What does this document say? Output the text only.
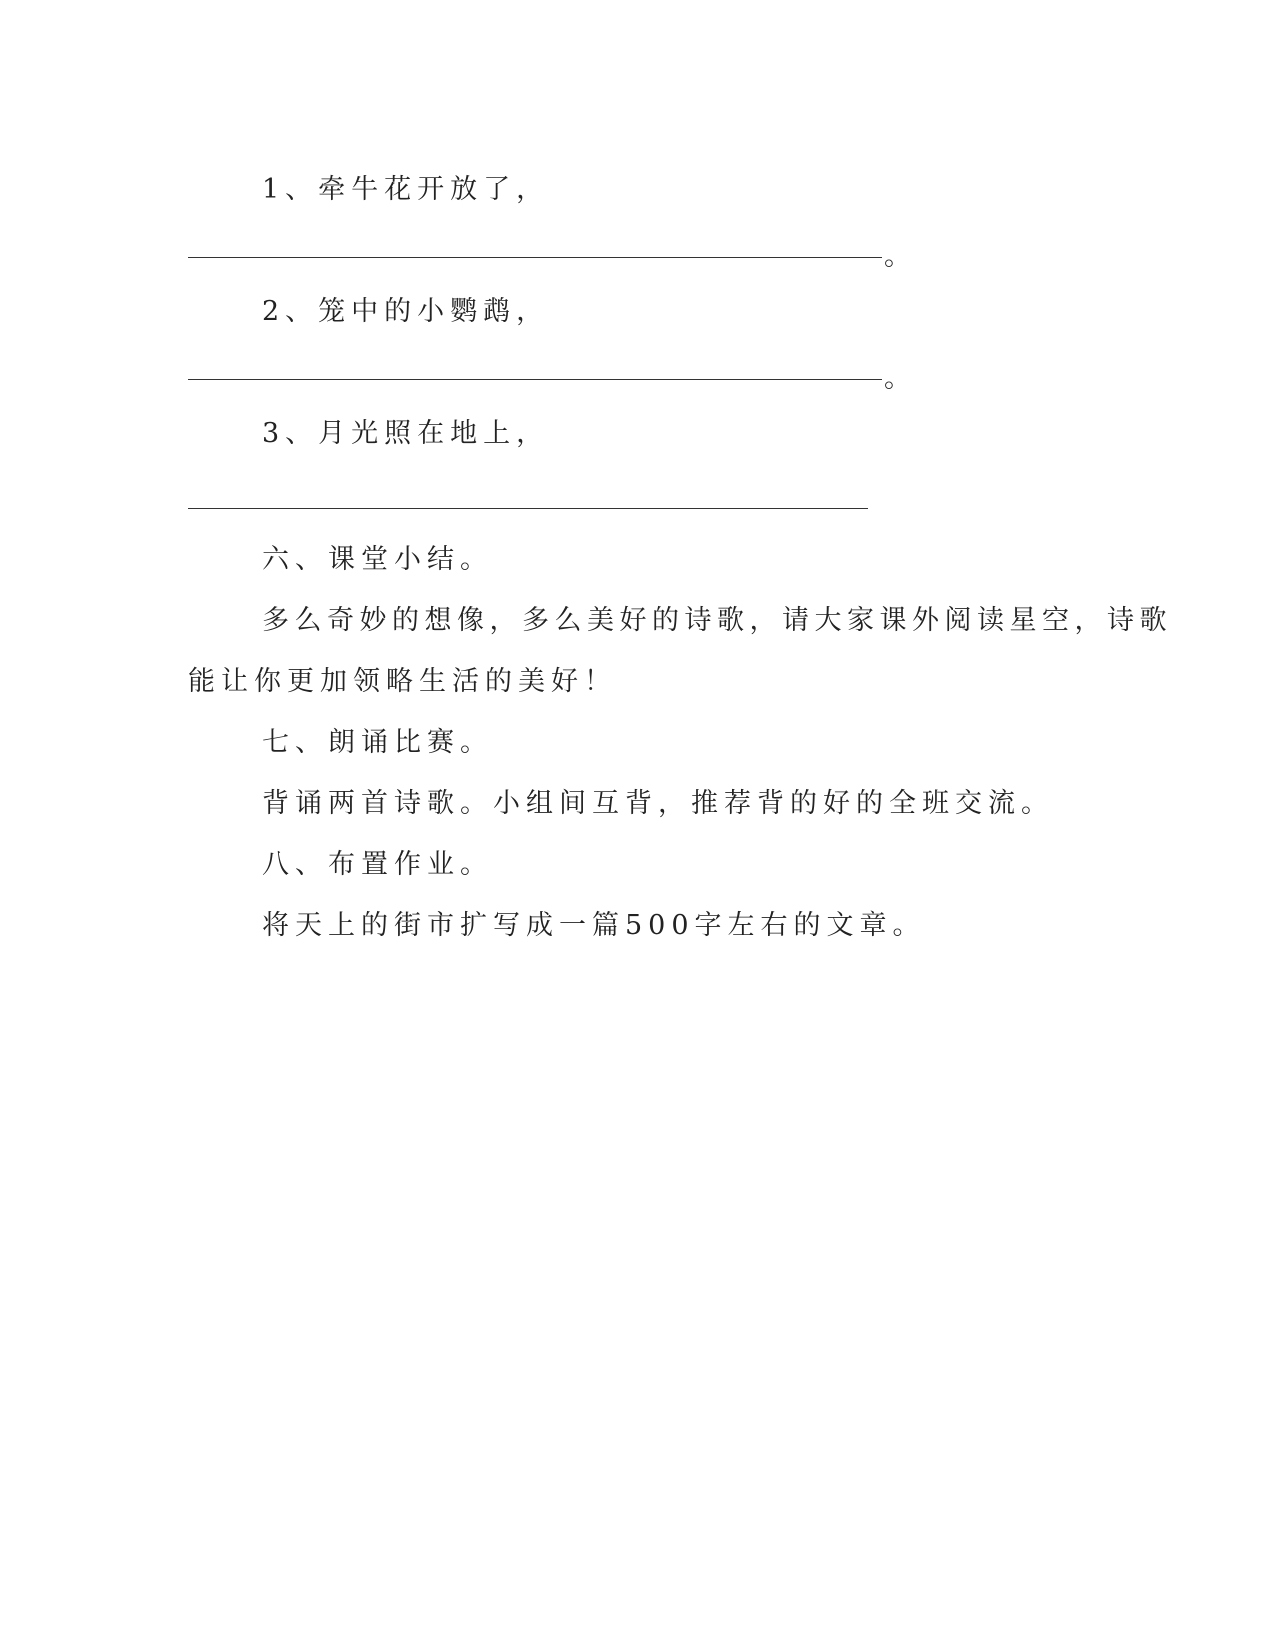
1、牵牛花开放了，
。
2、笼中的小鹦鹉，
。
3、月光照在地上，
六、课堂小结。
多么奇妙的想像，多么美好的诗歌，请大家课外阅读星空，诗歌
能让你更加领略生活的美好！
七、朗诵比赛。
背诵两首诗歌。小组间互背，推荐背的好的全班交流。
八、布置作业。
将天上的街市扩写成一篇500字左右的文章。
